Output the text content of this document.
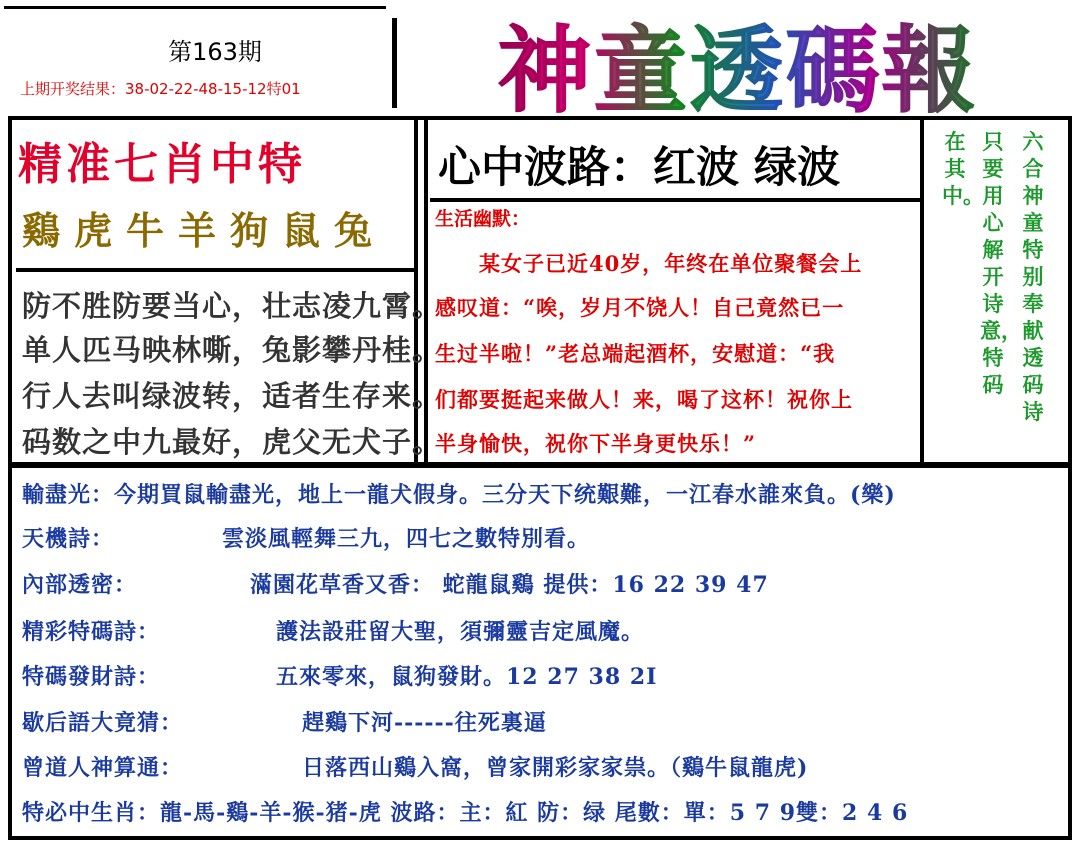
第163期
上期开奖结果：38-02-22-48-15-12特01 神童透碼報
精准七肖中特
鷄虎牛羊狗鼠兔
防不胜防要当心，壮志凌九霄。
单人匹马映林嘶，兔影攀丹桂。
行人去叫绿波转，适者生存来。
码数之中九最好，虎父无犬子。
心中波路：红波 绿波
生活幽默：
　　某女子已近40岁，年终在单位聚餐会上
感叹道：“唉，岁月不饶人！自己竟然已一
生过半啦！”老总端起酒杯，安慰道：“我
们都要挺起来做人！来，喝了这杯！祝你上
半身愉快，祝你下半身更快乐！”
在其中。
只要用心解开诗意，特码
六合神童特别奉献透码诗
輸盡光：今期買鼠輸盡光，地上一龍犬假身。三分天下统艱難，一江春水誰來負。(樂)
天機詩：	雲淡風輕舞三九，四七之數特別看。
內部透密：	滿園花草香又香： 蛇龍鼠鷄 提供：16 22 39 47
精彩特碼詩：	護法設莊留大聖，須彌靈吉定風魔。
特碼發財詩：	五來零來，鼠狗發財。12 27 38 2I
歇后語大竟猜：	趕鷄下河------往死裏逼
曾道人神算通：	日落西山鷄入窩，曾家開彩家家祟。（鷄牛鼠龍虎)
特必中生肖：龍-馬-鷄-羊-猴-猪-虎 波路：主：紅 防：绿 尾數：單：5 7 9雙：2 4 6
